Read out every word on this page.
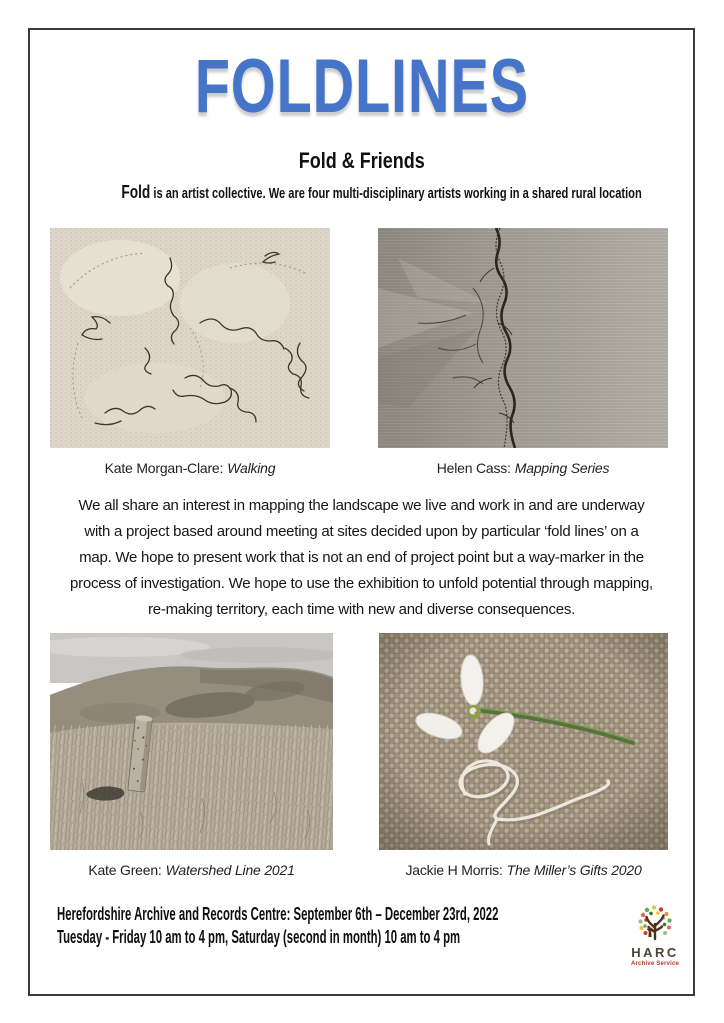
FOLDLINES
Fold & Friends

Fold is an artist collective. We are four multi-disciplinary artists working in a shared rural location

Kate Morgan-Clare: Walking	Helen Cass: Mapping Series
We all share an interest in mapping the landscape we live and work in and are underway
with a project based around meeting at sites decided upon by particular ‘fold lines’ on a
map. We hope to present work that is not an end of project point but a way-marker in the
process of investigation. We hope to use the exhibition to unfold potential through mapping,
re-making territory, each time with new and diverse consequences.
Kate Green: Watershed Line 2021	Jackie H Morris: The Miller’s Gifts 2020
Herefordshire Archive and Records Centre: September 6th – December 23rd, 2022
Tuesday - Friday 10 am to 4 pm, Saturday (second in month) 10 am to 4 pm
HARC
Archive Service
